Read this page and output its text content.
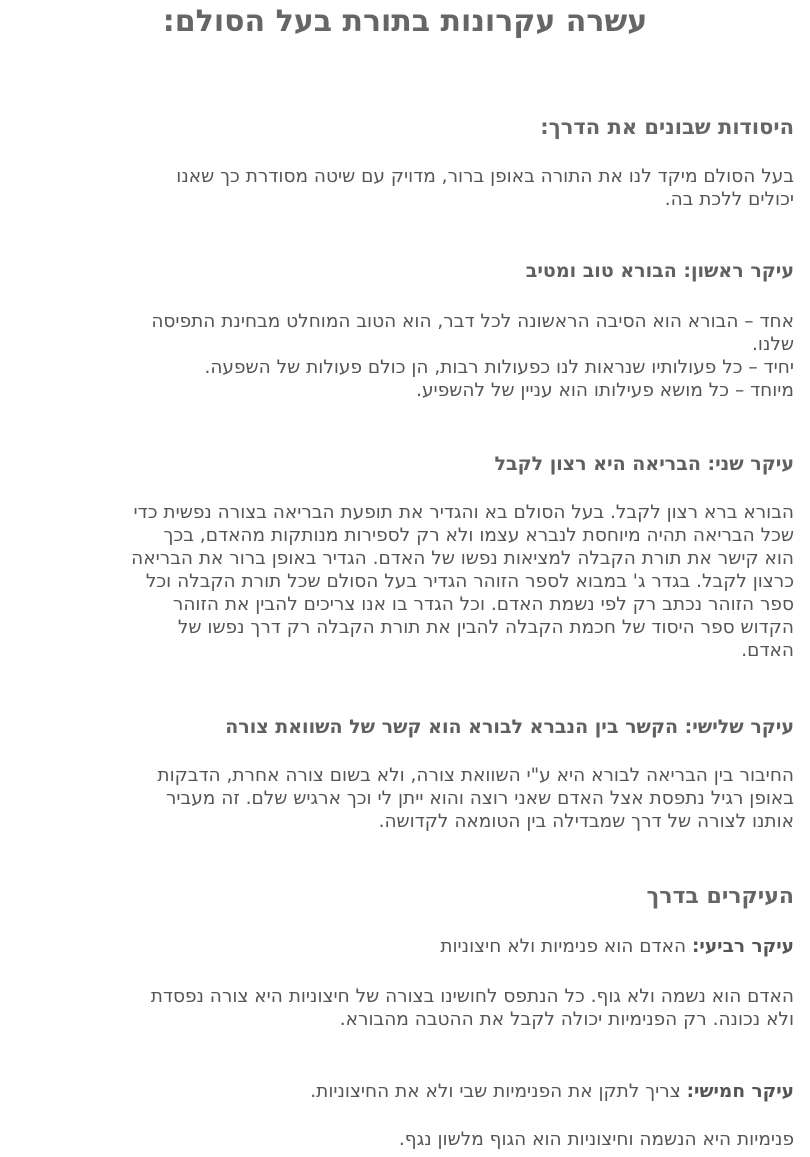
עשרה עקרונות בתורת בעל הסולם:
היסודות שבונים את הדרך:
בעל הסולם מיקד לנו את התורה באופן ברור, מדויק עם שיטה מסודרת כך שאנו
יכולים ללכת בה.
עיקר ראשון: הבורא טוב ומטיב
אחד – הבורא הוא הסיבה הראשונה לכל דבר, הוא הטוב המוחלט מבחינת התפיסה
שלנו.
יחיד – כל פעולותיו שנראות לנו כפעולות רבות, הן כולם פעולות של השפעה.
מיוחד – כל מושא פעילותו הוא עניין של להשפיע.
עיקר שני: הבריאה היא רצון לקבל
הבורא ברא רצון לקבל. בעל הסולם בא והגדיר את תופעת הבריאה בצורה נפשית כדי
שכל הבריאה תהיה מיוחסת לנברא עצמו ולא רק לספירות מנותקות מהאדם, בכך
הוא קישר את תורת הקבלה למציאות נפשו של האדם. הגדיר באופן ברור את הבריאה
כרצון לקבל. בגדר ג' במבוא לספר הזוהר הגדיר בעל הסולם שכל תורת הקבלה וכל
ספר הזוהר נכתב רק לפי נשמת האדם. וכל הגדר בו אנו צריכים להבין את הזוהר
הקדוש ספר היסוד של חכמת הקבלה להבין את תורת הקבלה רק דרך נפשו של
האדם.
עיקר שלישי: הקשר בין הנברא לבורא הוא קשר של השוואת צורה
החיבור בין הבריאה לבורא היא ע"י השוואת צורה, ולא בשום צורה אחרת, הדבקות
באופן רגיל נתפסת אצל האדם שאני רוצה והוא ייתן לי וכך ארגיש שלם. זה מעביר
אותנו לצורה של דרך שמבדילה בין הטומאה לקדושה.
העיקרים בדרך
עיקר רביעי: האדם הוא פנימיות ולא חיצוניות
האדם הוא נשמה ולא גוף. כל הנתפס לחושינו בצורה של חיצוניות היא צורה נפסדת
ולא נכונה. רק הפנימיות יכולה לקבל את ההטבה מהבורא.
עיקר חמישי: צריך לתקן את הפנימיות שבי ולא את החיצוניות.
פנימיות היא הנשמה וחיצוניות הוא הגוף מלשון נגף.
